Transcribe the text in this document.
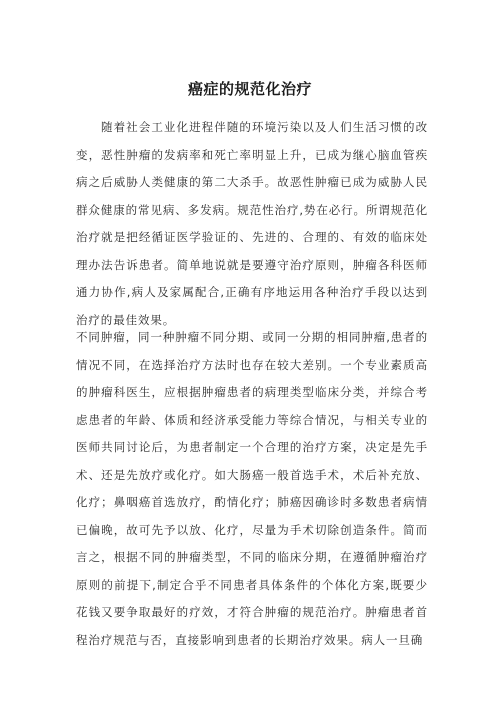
癌症的规范化治疗

随着社会工业化进程伴随的环境污染以及人们生活习惯的改变，恶性肿瘤的发病率和死亡率明显上升，已成为继心脑血管疾病之后威胁人类健康的第二大杀手。故恶性肿瘤已成为威胁人民群众健康的常见病、多发病。规范性治疗,势在必行。所谓规范化治疗就是把经循证医学验证的、先进的、合理的、有效的临床处理办法告诉患者。简单地说就是要遵守治疗原则，肿瘤各科医师通力协作,病人及家属配合,正确有序地运用各种治疗手段以达到治疗的最佳效果。

不同肿瘤，同一种肿瘤不同分期、或同一分期的相同肿瘤,患者的情况不同，在选择治疗方法时也存在较大差别。一个专业素质高的肿瘤科医生，应根据肿瘤患者的病理类型临床分类，并综合考虑患者的年龄、体质和经济承受能力等综合情况，与相关专业的医师共同讨论后，为患者制定一个合理的治疗方案，决定是先手术、还是先放疗或化疗。如大肠癌一般首选手术，术后补充放、化疗；鼻咽癌首选放疗，酌情化疗；肺癌因确诊时多数患者病情已偏晚，故可先予以放、化疗，尽量为手术切除创造条件。简而言之，根据不同的肿瘤类型，不同的临床分期，在遵循肿瘤治疗原则的前提下,制定合乎不同患者具体条件的个体化方案,既要少花钱又要争取最好的疗效，才符合肿瘤的规范治疗。肿瘤患者首程治疗规范与否，直接影响到患者的长期治疗效果。病人一旦确
